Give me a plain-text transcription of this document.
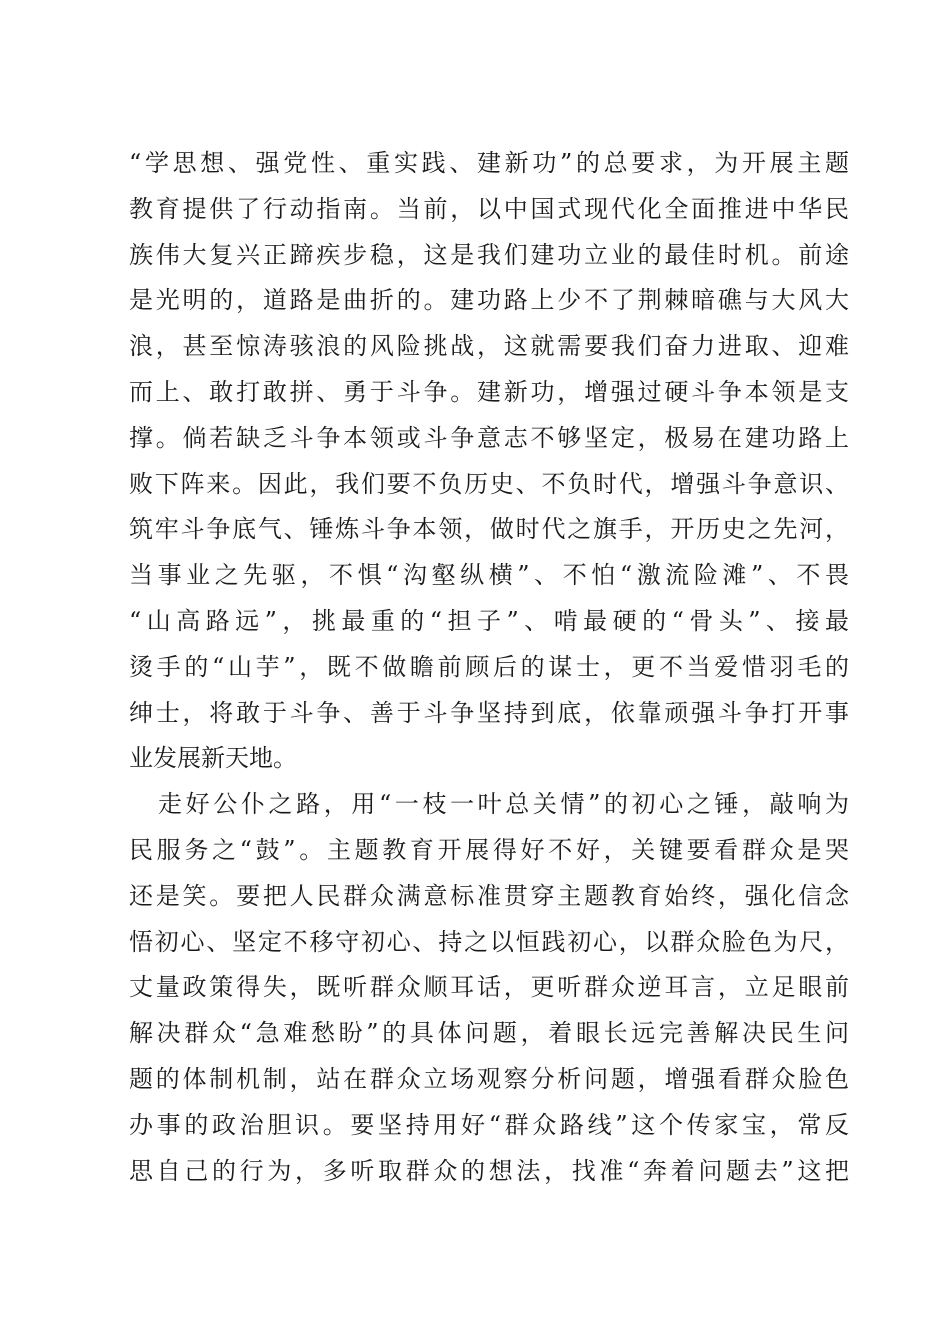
“学思想、强党性、重实践、建新功”的总要求，为开展主题
教育提供了行动指南。当前，以中国式现代化全面推进中华民
族伟大复兴正蹄疾步稳，这是我们建功立业的最佳时机。前途
是光明的，道路是曲折的。建功路上少不了荆棘暗礁与大风大
浪，甚至惊涛骇浪的风险挑战，这就需要我们奋力进取、迎难
而上、敢打敢拼、勇于斗争。建新功，增强过硬斗争本领是支
撑。倘若缺乏斗争本领或斗争意志不够坚定，极易在建功路上
败下阵来。因此，我们要不负历史、不负时代，增强斗争意识、
筑牢斗争底气、锤炼斗争本领，做时代之旗手，开历史之先河，
当事业之先驱，不惧“沟壑纵横”、不怕“激流险滩”、不畏
“山高路远”，挑最重的“担子”、啃最硬的“骨头”、接最
烫手的“山芋”，既不做瞻前顾后的谋士，更不当爱惜羽毛的
绅士，将敢于斗争、善于斗争坚持到底，依靠顽强斗争打开事
业发展新天地。
走好公仆之路，用“一枝一叶总关情”的初心之锤，敲响为
民服务之“鼓”。主题教育开展得好不好，关键要看群众是哭
还是笑。要把人民群众满意标准贯穿主题教育始终，强化信念
悟初心、坚定不移守初心、持之以恒践初心，以群众脸色为尺，
丈量政策得失，既听群众顺耳话，更听群众逆耳言，立足眼前
解决群众“急难愁盼”的具体问题，着眼长远完善解决民生问
题的体制机制，站在群众立场观察分析问题，增强看群众脸色
办事的政治胆识。要坚持用好“群众路线”这个传家宝，常反
思自己的行为，多听取群众的想法，找准“奔着问题去”这把
